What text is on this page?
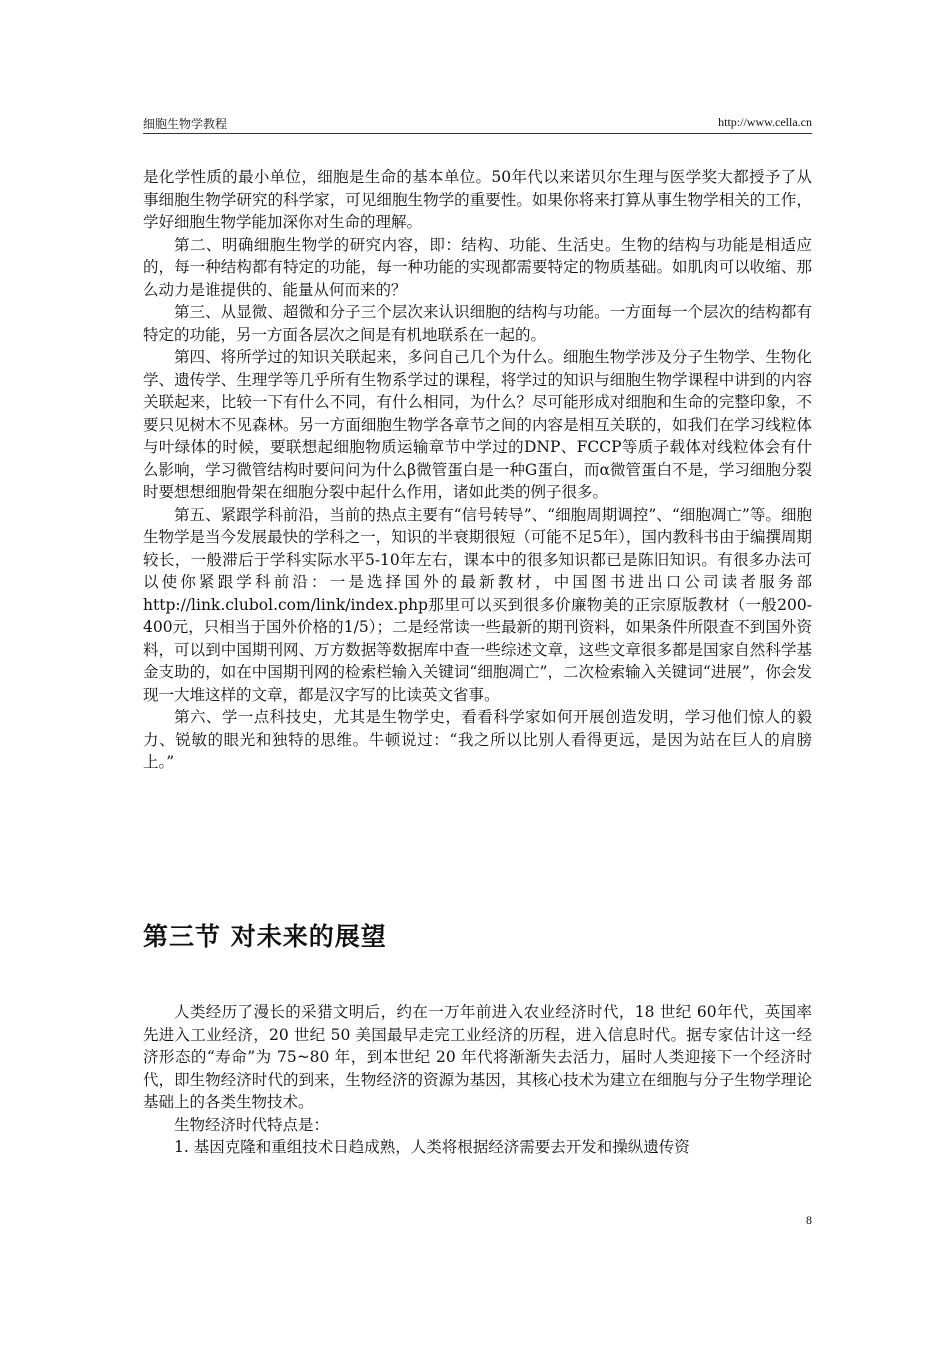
细胞生物学教程	http://www.cella.cn

是化学性质的最小单位，细胞是生命的基本单位。50年代以来诺贝尔生理与医学奖大都授予了从事细胞生物学研究的科学家，可见细胞生物学的重要性。如果你将来打算从事生物学相关的工作，学好细胞生物学能加深你对生命的理解。

第二、明确细胞生物学的研究内容，即：结构、功能、生活史。生物的结构与功能是相适应的，每一种结构都有特定的功能，每一种功能的实现都需要特定的物质基础。如肌肉可以收缩、那么动力是谁提供的、能量从何而来的？

第三、从显微、超微和分子三个层次来认识细胞的结构与功能。一方面每一个层次的结构都有特定的功能，另一方面各层次之间是有机地联系在一起的。

第四、将所学过的知识关联起来，多问自己几个为什么。细胞生物学涉及分子生物学、生物化学、遗传学、生理学等几乎所有生物系学过的课程，将学过的知识与细胞生物学课程中讲到的内容关联起来，比较一下有什么不同，有什么相同，为什么？尽可能形成对细胞和生命的完整印象，不要只见树木不见森林。另一方面细胞生物学各章节之间的内容是相互关联的，如我们在学习线粒体与叶绿体的时候，要联想起细胞物质运输章节中学过的DNP、FCCP等质子载体对线粒体会有什么影响，学习微管结构时要问问为什么β微管蛋白是一种G蛋白，而α微管蛋白不是，学习细胞分裂时要想想细胞骨架在细胞分裂中起什么作用，诸如此类的例子很多。

第五、紧跟学科前沿，当前的热点主要有“信号转导”、“细胞周期调控”、“细胞凋亡”等。细胞生物学是当今发展最快的学科之一，知识的半衰期很短（可能不足5年），国内教科书由于编撰周期较长，一般滞后于学科实际水平5-10年左右，课本中的很多知识都已是陈旧知识。有很多办法可以使你紧跟学科前沿：一是选择国外的最新教材，中国图书进出口公司读者服务部http://link.clubol.com/link/index.php那里可以买到很多价廉物美的正宗原版教材（一般200-400元，只相当于国外价格的1/5）；二是经常读一些最新的期刊资料，如果条件所限查不到国外资料，可以到中国期刊网、万方数据等数据库中查一些综述文章，这些文章很多都是国家自然科学基金支助的，如在中国期刊网的检索栏输入关键词“细胞凋亡”，二次检索输入关键词“进展”，你会发现一大堆这样的文章，都是汉字写的比读英文省事。

第六、学一点科技史，尤其是生物学史，看看科学家如何开展创造发明，学习他们惊人的毅力、锐敏的眼光和独特的思维。牛顿说过：“我之所以比别人看得更远，是因为站在巨人的肩膀上。”

第三节 对未来的展望

人类经历了漫长的采猎文明后，约在一万年前进入农业经济时代，18 世纪 60年代，英国率先进入工业经济，20 世纪 50 美国最早走完工业经济的历程，进入信息时代。据专家估计这一经济形态的“寿命”为 75~80 年，到本世纪 20 年代将渐渐失去活力，届时人类迎接下一个经济时代，即生物经济时代的到来，生物经济的资源为基因，其核心技术为建立在细胞与分子生物学理论基础上的各类生物技术。

生物经济时代特点是：

1. 基因克隆和重组技术日趋成熟，人类将根据经济需要去开发和操纵遗传资

8
